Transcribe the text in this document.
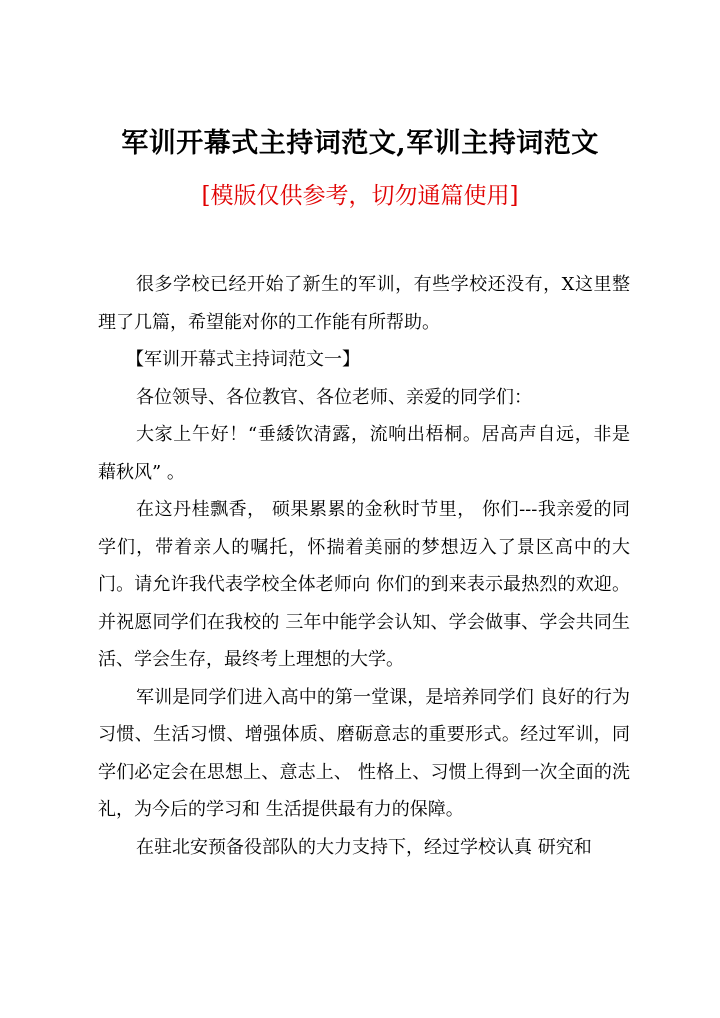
军训开幕式主持词范文,军训主持词范文
[模版仅供参考，切勿通篇使用]

很多学校已经开始了新生的军训，有些学校还没有，X这里整理了几篇，希望能对你的工作能有所帮助。

【军训开幕式主持词范文一】

各位领导、各位教官、各位老师、亲爱的同学们：

大家上午好！“垂緌饮清露，流响出梧桐。居高声自远，非是藉秋风” 。

在这丹桂飘香， 硕果累累的金秋时节里， 你们---我亲爱的同学们，带着亲人的嘱托，怀揣着美丽的梦想迈入了景区高中的大门。请允许我代表学校全体老师向 你们的到来表示最热烈的欢迎。并祝愿同学们在我校的 三年中能学会认知、学会做事、学会共同生活、学会生存，最终考上理想的大学。

军训是同学们进入高中的第一堂课，是培养同学们 良好的行为习惯、生活习惯、增强体质、磨砺意志的重要形式。经过军训，同学们必定会在思想上、意志上、 性格上、习惯上得到一次全面的洗礼，为今后的学习和 生活提供最有力的保障。

在驻北安预备役部队的大力支持下，经过学校认真 研究和
